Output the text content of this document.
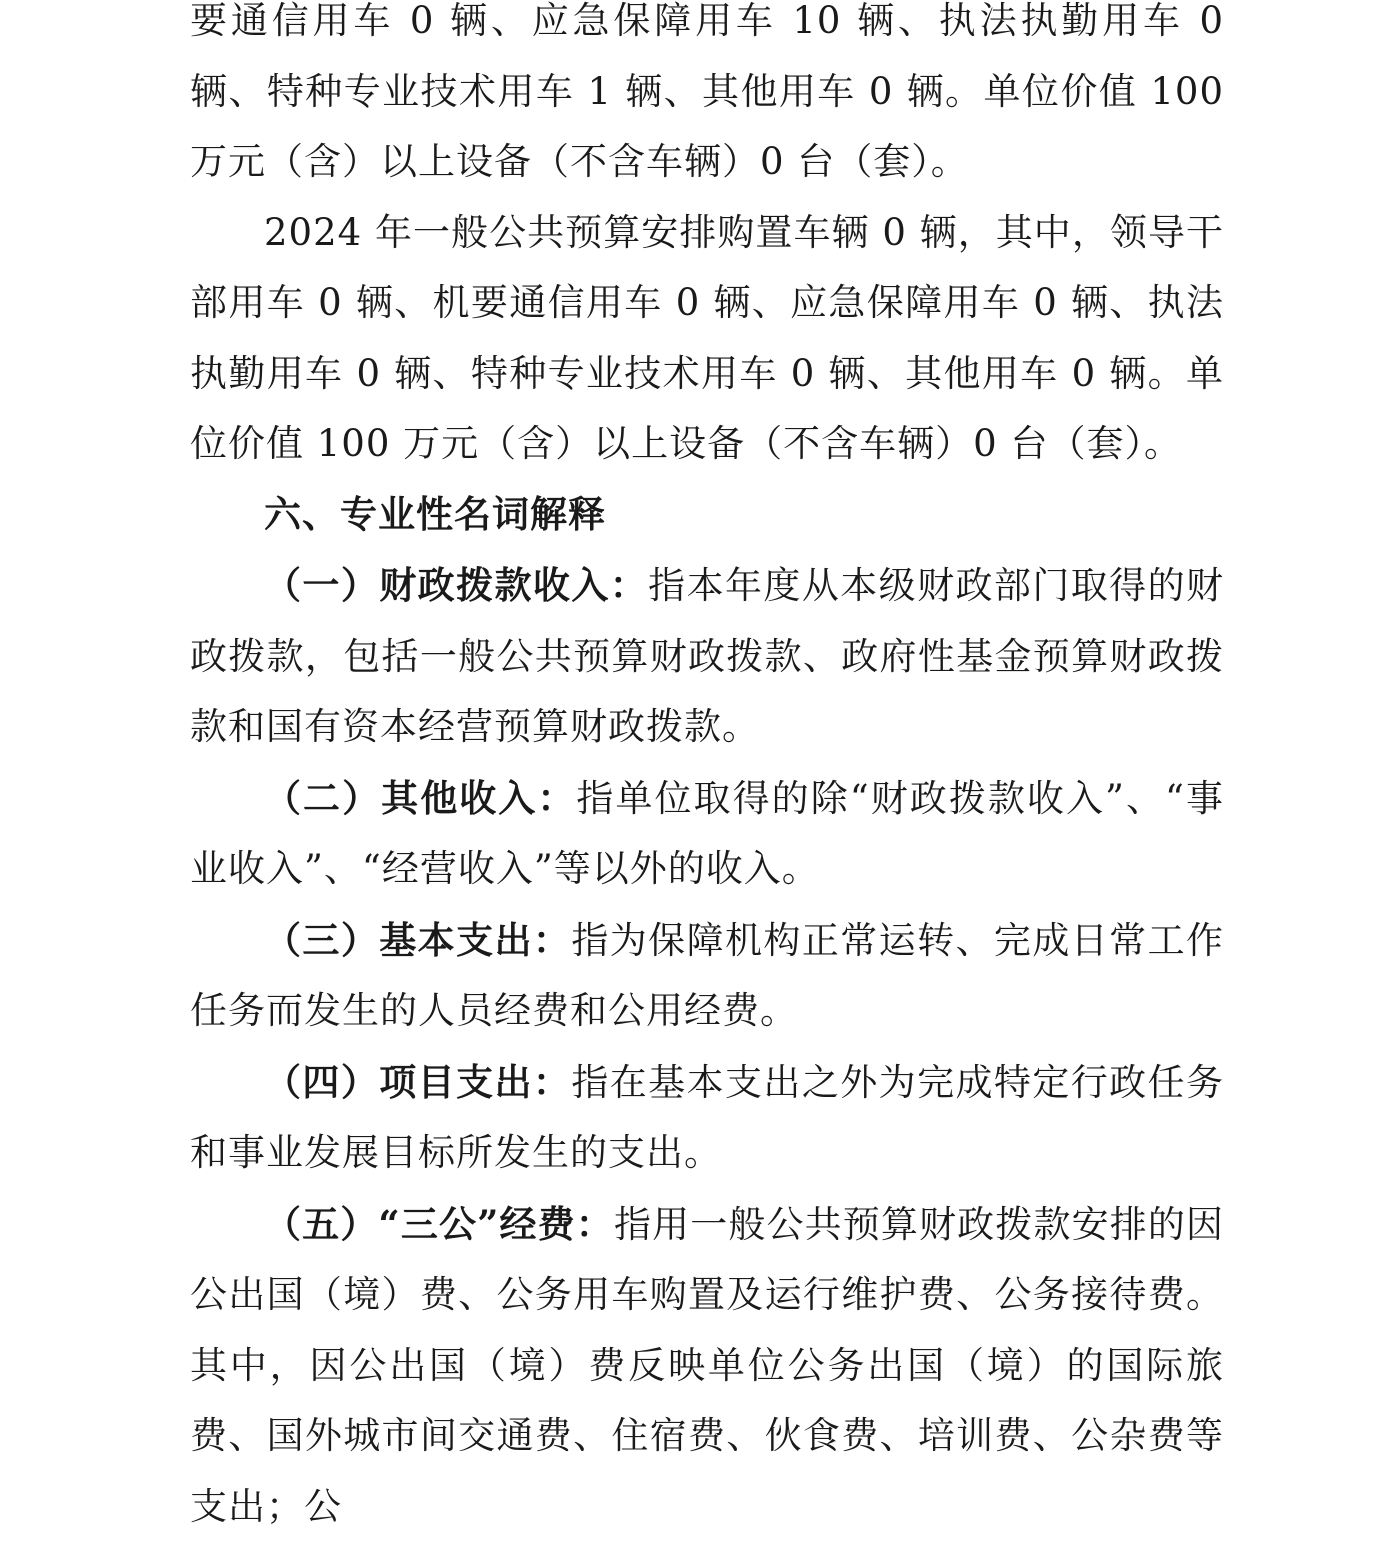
要通信用车 0 辆、应急保障用车 10 辆、执法执勤用车 0 辆、特种专业技术用车 1 辆、其他用车 0 辆。单位价值 100 万元（含）以上设备（不含车辆）0 台（套）。

2024 年一般公共预算安排购置车辆 0 辆，其中，领导干部用车 0 辆、机要通信用车 0 辆、应急保障用车 0 辆、执法执勤用车 0 辆、特种专业技术用车 0 辆、其他用车 0 辆。单位价值 100 万元（含）以上设备（不含车辆）0 台（套）。

六、专业性名词解释

（一）财政拨款收入：指本年度从本级财政部门取得的财政拨款，包括一般公共预算财政拨款、政府性基金预算财政拨款和国有资本经营预算财政拨款。

（二）其他收入：指单位取得的除“财政拨款收入”、“事业收入”、“经营收入”等以外的收入。

（三）基本支出：指为保障机构正常运转、完成日常工作任务而发生的人员经费和公用经费。

（四）项目支出：指在基本支出之外为完成特定行政任务和事业发展目标所发生的支出。

（五）“三公”经费：指用一般公共预算财政拨款安排的因公出国（境）费、公务用车购置及运行维护费、公务接待费。其中，因公出国（境）费反映单位公务出国（境）的国际旅费、国外城市间交通费、住宿费、伙食费、培训费、公杂费等支出；公
